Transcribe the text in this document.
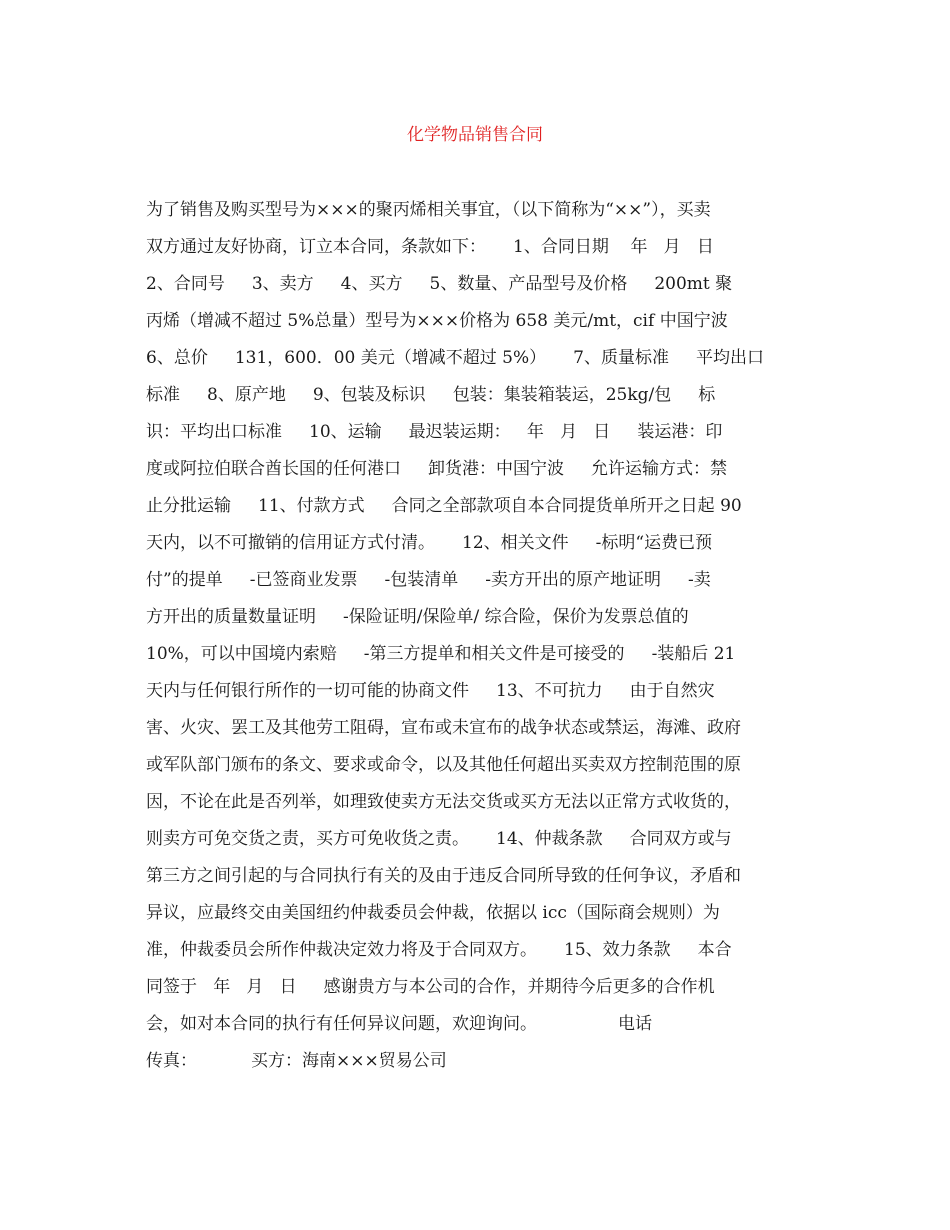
化学物品销售合同
为了销售及购买型号为×××的聚丙烯相关事宜，（以下简称为“××”），买卖
双方通过友好协商，订立本合同，条款如下：     1、合同日期    年   月   日
2、合同号     3、卖方     4、买方     5、数量、产品型号及价格     200mt 聚
丙烯（增减不超过 5%总量）型号为×××价格为 658 美元/mt，cif 中国宁波
6、总价     131，600．00 美元（增减不超过 5%）     7、质量标准     平均出口
标准     8、原产地     9、包装及标识     包装：集装箱装运，25kg/包     标
识：平均出口标准     10、运输     最迟装运期：   年   月   日     装运港：印
度或阿拉伯联合酋长国的任何港口     卸货港：中国宁波     允许运输方式：禁
止分批运输     11、付款方式     合同之全部款项自本合同提货单所开之日起 90
天内，以不可撤销的信用证方式付清。     12、相关文件     -标明“运费已预
付”的提单     -已签商业发票     -包装清单     -卖方开出的原产地证明     -卖
方开出的质量数量证明     -保险证明/保险单/ 综合险，保价为发票总值的
10%，可以中国境内索赔     -第三方提单和相关文件是可接受的     -装船后 21
天内与任何银行所作的一切可能的协商文件     13、不可抗力     由于自然灾
害、火灾、罢工及其他劳工阻碍，宣布或未宣布的战争状态或禁运，海滩、政府
或军队部门颁布的条文、要求或命令，以及其他任何超出买卖双方控制范围的原
因，不论在此是否列举，如理致使卖方无法交货或买方无法以正常方式收货的，
则卖方可免交货之责，买方可免收货之责。     14、仲裁条款     合同双方或与
第三方之间引起的与合同执行有关的及由于违反合同所导致的任何争议，矛盾和
异议，应最终交由美国纽约仲裁委员会仲裁，依据以 icc（国际商会规则）为
准，仲裁委员会所作仲裁决定效力将及于合同双方。     15、效力条款     本合
同签于   年   月   日     感谢贵方与本公司的合作，并期待今后更多的合作机
会，如对本合同的执行有任何异议问题，欢迎询问。               电话
传真：          买方：海南×××贸易公司
